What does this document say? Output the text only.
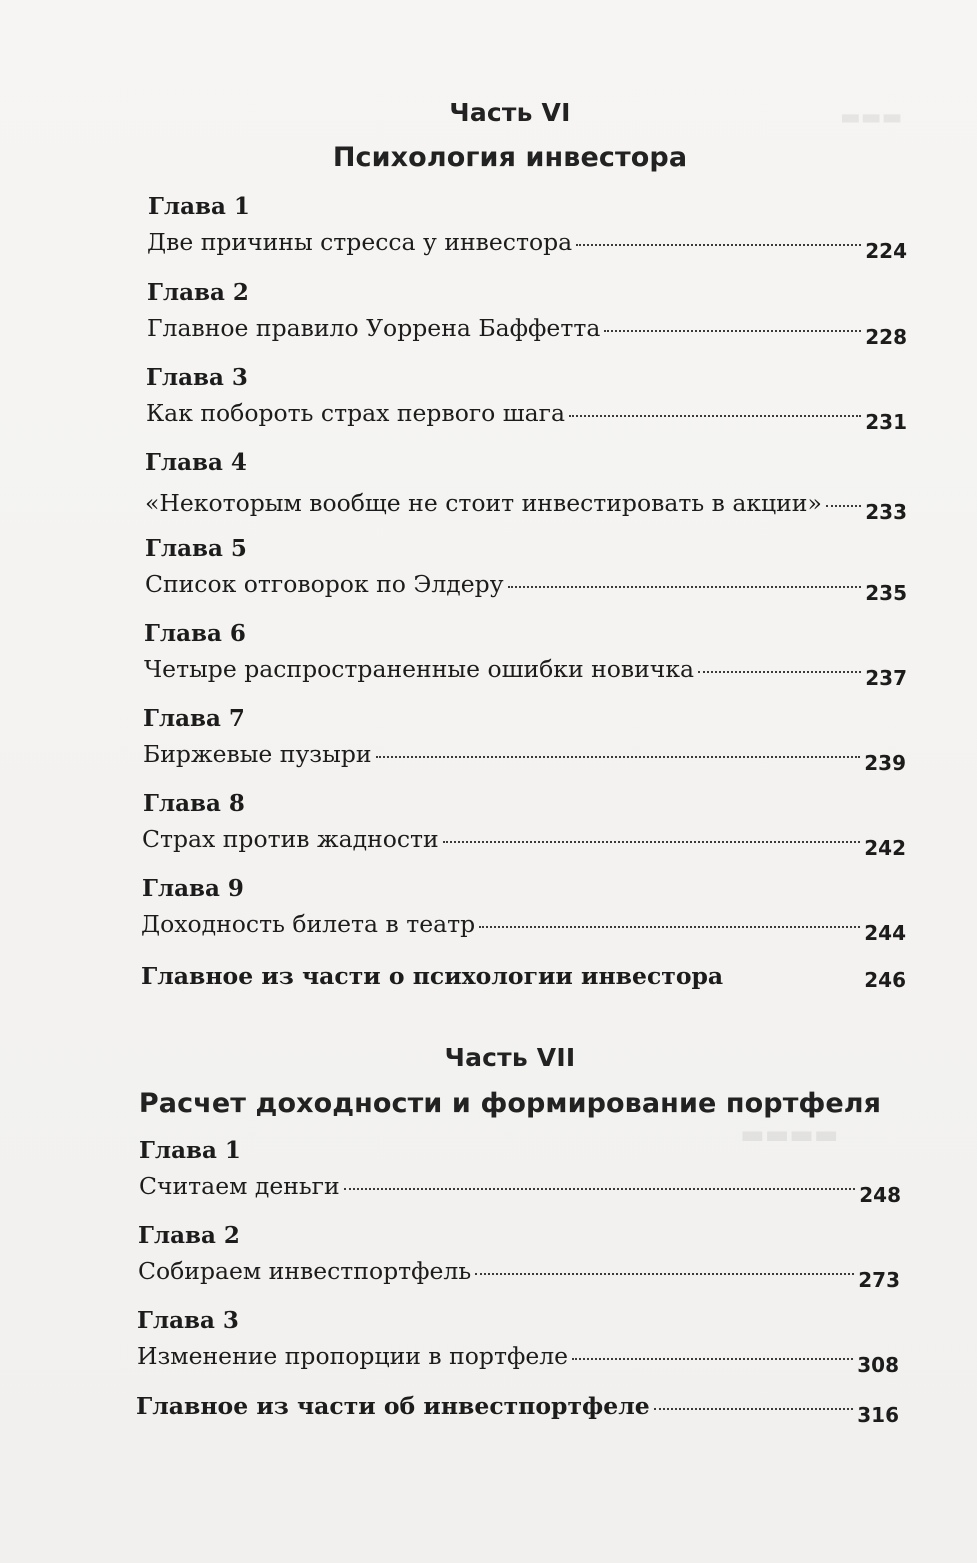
▬▬▬
▬▬▬▬
Часть VI
Психология инвестора
Глава 1
Две причины стресса у инвестора	224
Глава 2
Главное правило Уоррена Баффетта	228
Глава 3
Как побороть страх первого шага	231
Глава 4
«Некоторым вообще не стоит инвестировать в акции» 233
Глава 5
Список отговорок по Элдеру	235
Глава 6
Четыре распространенные ошибки новичка	237
Глава 7
Биржевые пузыри	239
Глава 8
Страх против жадности	242
Глава 9
Доходность билета в театр	244
Главное из части о психологии инвестора	246
Часть VII
Расчет доходности и формирование портфеля
Глава 1
Считаем деньги	248
Глава 2
Собираем инвестпортфель	273
Глава 3
Изменение пропорции в портфеле	308
Главное из части об инвестпортфеле	316
